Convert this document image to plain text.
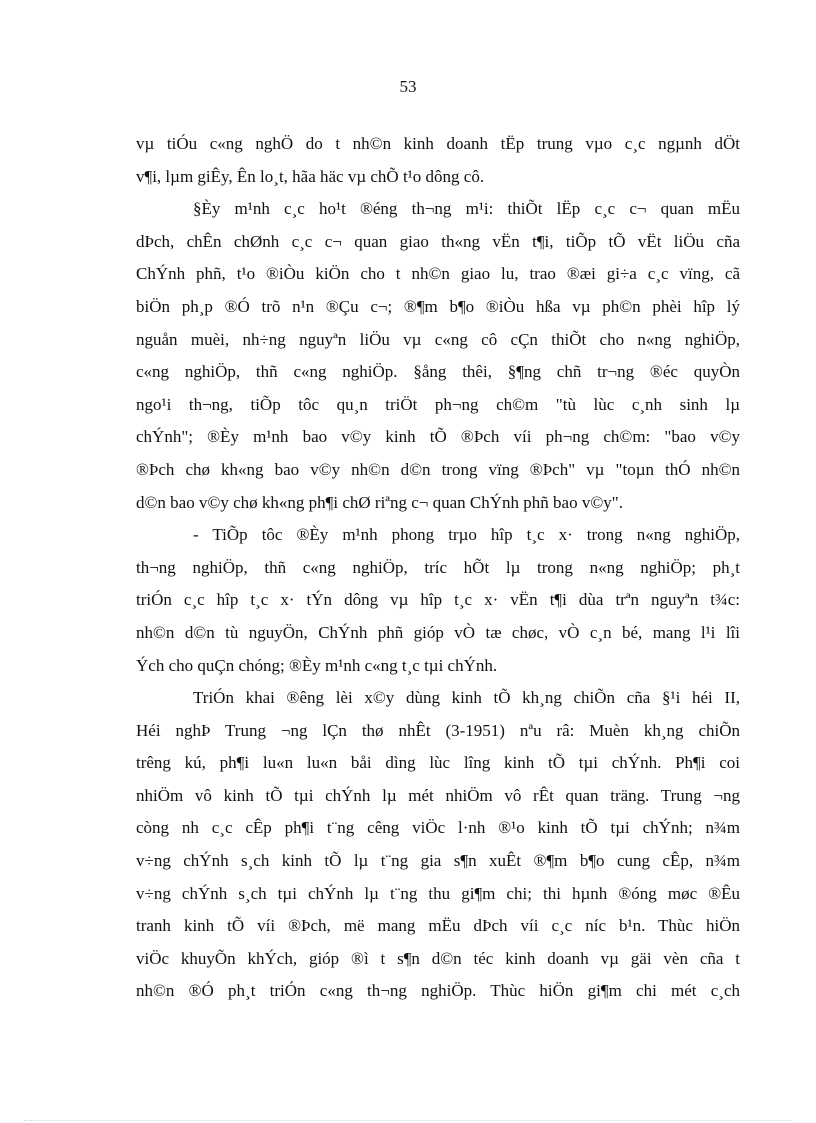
53
vµ tiÓu c«ng nghÖ do t nh©n kinh doanh tËp trung vµo c¸c ngµnh dÖt
v¶i, lµm giÊy, Ên lo¸t, hãa häc vµ chÕ t¹o dông cô.
§Èy m¹nh c¸c ho¹t ®éng th¬ng m¹i: thiÕt lËp c¸c c¬ quan mËu
dÞch, chÊn chØnh c¸c c¬ quan giao th«ng vËn t¶i, tiÕp tÕ vËt liÖu cña
ChÝnh phñ, t¹o ®iÒu kiÖn cho t nh©n giao lu, trao ®æi gi÷a c¸c vïng, cã
biÖn ph¸p ®Ó trõ n¹n ®Çu c¬; ®¶m b¶o ®iÒu hßa vµ ph©n phèi hîp lý
nguån muèi, nh÷ng nguyªn liÖu vµ c«ng cô cÇn thiÕt cho n«ng nghiÖp,
c«ng nghiÖp, thñ c«ng nghiÖp. §ång thêi, §¶ng chñ tr¬ng ®éc quyÒn
ngo¹i th¬ng, tiÕp tôc qu¸n triÖt ph¬ng ch©m "tù lùc c¸nh sinh lµ
chÝnh"; ®Èy m¹nh bao v©y kinh tÕ ®Þch víi ph¬ng ch©m: "bao v©y
®Þch chø kh«ng bao v©y nh©n d©n trong vïng ®Þch" vµ "toµn thÓ nh©n
d©n bao v©y chø kh«ng ph¶i chØ riªng c¬ quan ChÝnh phñ bao v©y".
- TiÕp tôc ®Èy m¹nh phong trµo hîp t¸c x· trong n«ng nghiÖp,
th¬ng nghiÖp, thñ c«ng nghiÖp, tríc hÕt lµ trong n«ng nghiÖp; ph¸t
triÓn c¸c hîp t¸c x· tÝn dông vµ hîp t¸c x· vËn t¶i dùa trªn nguyªn t¾c:
nh©n d©n tù nguyÖn, ChÝnh phñ gióp vÒ tæ chøc, vÒ c¸n bé, mang l¹i lîi
Ých cho quÇn chóng; ®Èy m¹nh c«ng t¸c tµi chÝnh.
TriÓn khai ®êng lèi x©y dùng kinh tÕ kh¸ng chiÕn cña §¹i héi II,
Héi nghÞ Trung ¬ng lÇn thø nhÊt (3-1951) nªu râ: Muèn kh¸ng chiÕn
trêng kú, ph¶i lu«n lu«n båi dìng lùc lîng kinh tÕ tµi chÝnh. Ph¶i coi
nhiÖm vô kinh tÕ tµi chÝnh lµ mét nhiÖm vô rÊt quan träng. Trung ¬ng
còng nh c¸c cÊp ph¶i t¨ng cêng viÖc l·nh ®¹o kinh tÕ tµi chÝnh; n¾m
v÷ng chÝnh s¸ch kinh tÕ lµ t¨ng gia s¶n xuÊt ®¶m b¶o cung cÊp, n¾m
v÷ng chÝnh s¸ch tµi chÝnh lµ t¨ng thu gi¶m chi; thi hµnh ®óng møc ®Êu
tranh kinh tÕ víi ®Þch, më mang mËu dÞch víi c¸c níc b¹n. Thùc hiÖn
viÖc khuyÕn khÝch, gióp ®ì t s¶n d©n téc kinh doanh vµ gäi vèn cña t
nh©n ®Ó ph¸t triÓn c«ng th¬ng nghiÖp. Thùc hiÖn gi¶m chi mét c¸ch
